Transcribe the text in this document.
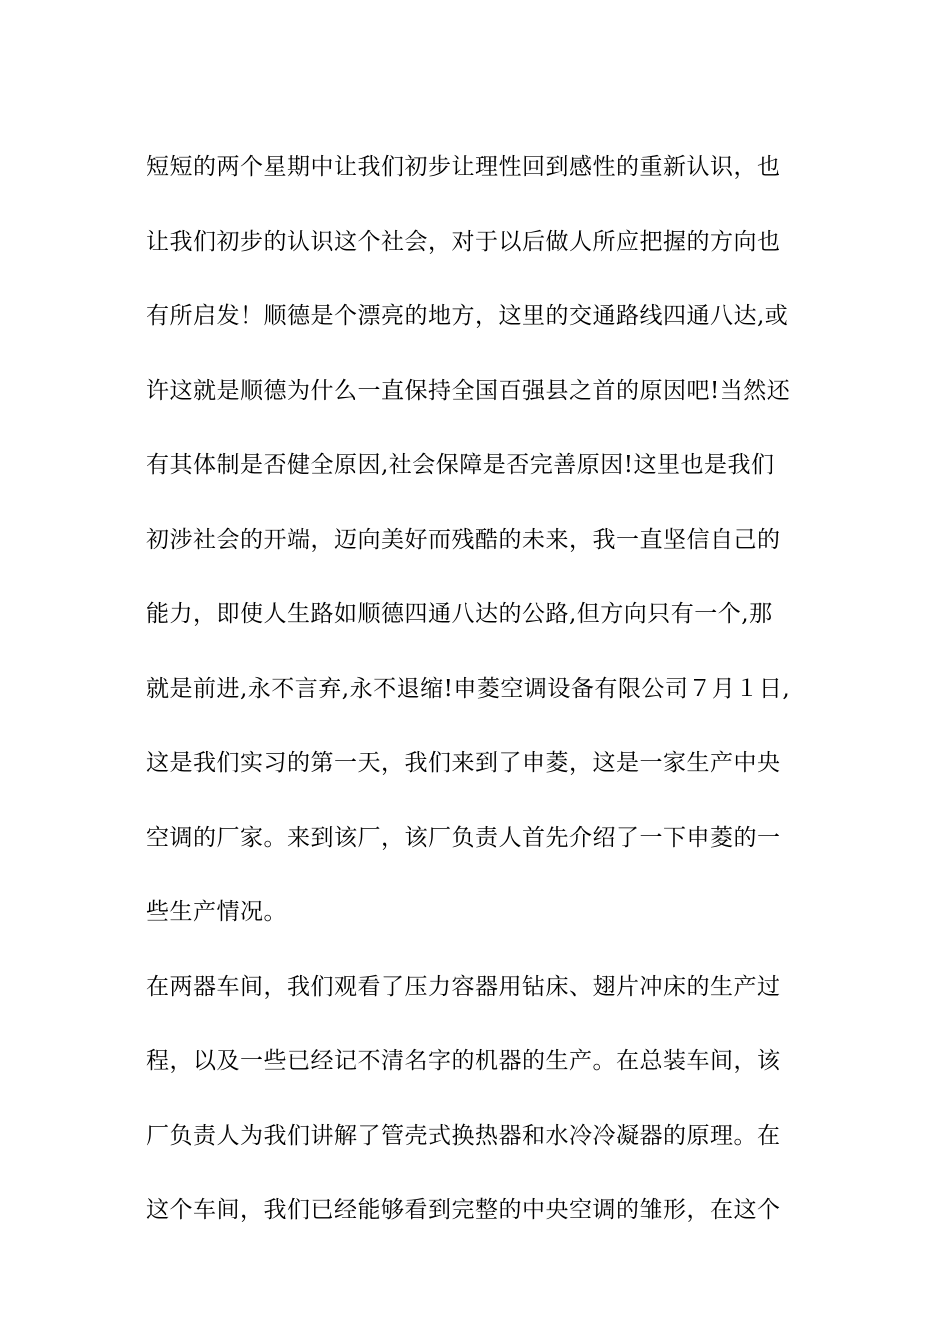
短短的两个星期中让我们初步让理性回到感性的重新认识，也
让我们初步的认识这个社会，对于以后做人所应把握的方向也
有所启发！顺德是个漂亮的地方，这里的交通路线四通八达,或
许这就是顺德为什么一直保持全国百强县之首的原因吧!当然还
有其体制是否健全原因,社会保障是否完善原因!这里也是我们
初涉社会的开端，迈向美好而残酷的未来，我一直坚信自己的
能力，即使人生路如顺德四通八达的公路,但方向只有一个,那
就是前进,永不言弃,永不退缩!申菱空调设备有限公司７月１日,
这是我们实习的第一天，我们来到了申菱，这是一家生产中央
空调的厂家。来到该厂，该厂负责人首先介绍了一下申菱的一
些生产情况。
在两器车间，我们观看了压力容器用钻床、翅片冲床的生产过
程，以及一些已经记不清名字的机器的生产。在总装车间，该
厂负责人为我们讲解了管壳式换热器和水冷冷凝器的原理。在
这个车间，我们已经能够看到完整的中央空调的雏形，在这个
